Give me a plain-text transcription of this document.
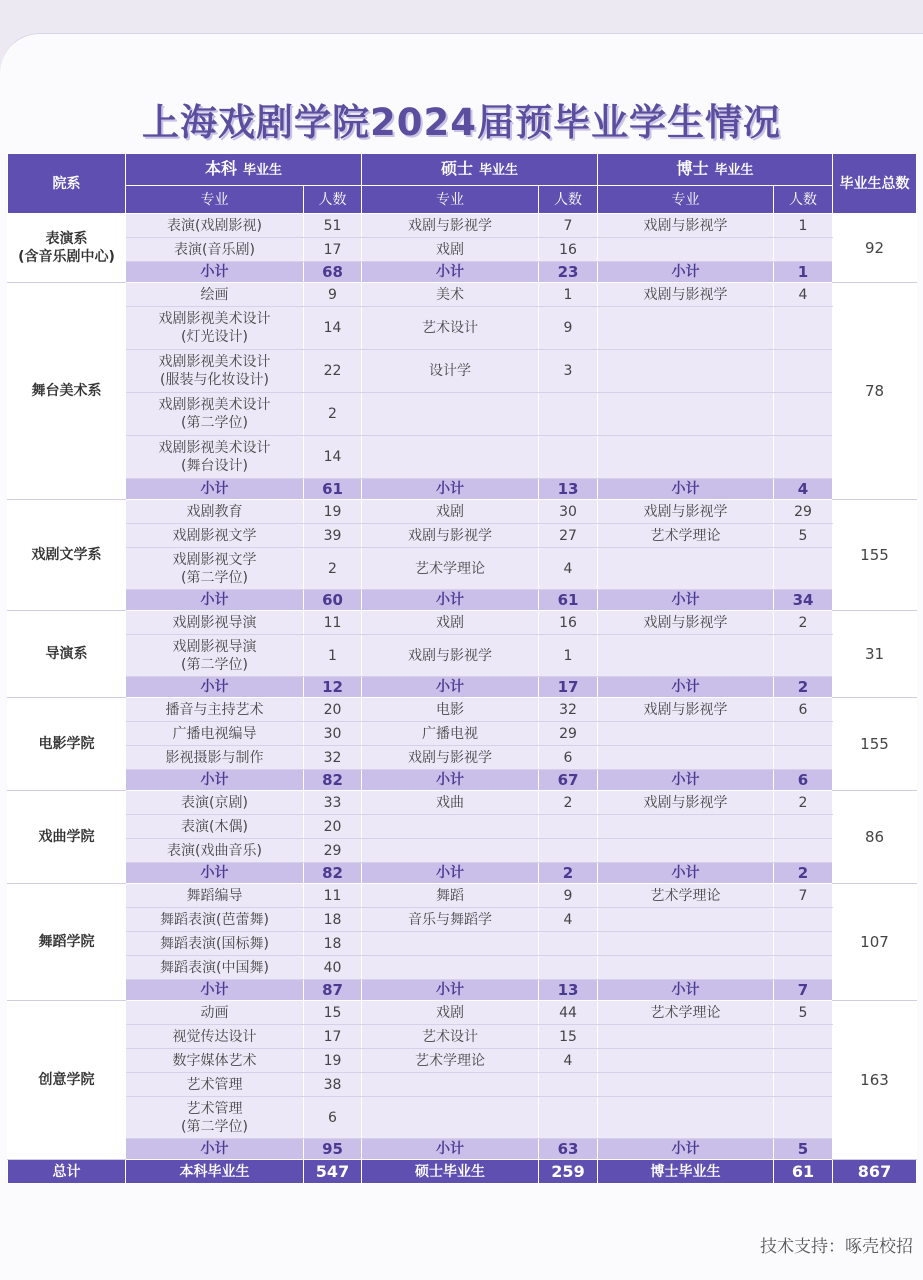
上海戏剧学院2024届预毕业学生情况
院系	本科 毕业生		硕士 毕业生		博士 毕业生		毕业生总数
	专业	人数	专业	人数	专业	人数	
表演系
(含音乐剧中心)	表演(戏剧影视)	51	戏剧与影视学	7	戏剧与影视学	1	92
	表演(音乐剧)	17	戏剧	16			
	小计	68	小计	23	小计	1	
舞台美术系	绘画	9	美术	1	戏剧与影视学	4	78
	戏剧影视美术设计
(灯光设计)	14	艺术设计	9			
	戏剧影视美术设计
(服装与化妆设计)	22	设计学	3			
	戏剧影视美术设计
(第二学位)	2					
	戏剧影视美术设计
(舞台设计)	14					
	小计	61	小计	13	小计	4	
戏剧文学系	戏剧教育	19	戏剧	30	戏剧与影视学	29	155
	戏剧影视文学	39	戏剧与影视学	27	艺术学理论	5	
	戏剧影视文学
(第二学位)	2	艺术学理论	4			
	小计	60	小计	61	小计	34	
导演系	戏剧影视导演	11	戏剧	16	戏剧与影视学	2	31
	戏剧影视导演
(第二学位)	1	戏剧与影视学	1			
	小计	12	小计	17	小计	2	
电影学院	播音与主持艺术	20	电影	32	戏剧与影视学	6	155
	广播电视编导	30	广播电视	29			
	影视摄影与制作	32	戏剧与影视学	6			
	小计	82	小计	67	小计	6	
戏曲学院	表演(京剧)	33	戏曲	2	戏剧与影视学	2	86
	表演(木偶)	20					
	表演(戏曲音乐)	29					
	小计	82	小计	2	小计	2	
舞蹈学院	舞蹈编导	11	舞蹈	9	艺术学理论	7	107
	舞蹈表演(芭蕾舞)	18	音乐与舞蹈学	4			
	舞蹈表演(国标舞)	18					
	舞蹈表演(中国舞)	40					
	小计	87	小计	13	小计	7	
创意学院	动画	15	戏剧	44	艺术学理论	5	163
	视觉传达设计	17	艺术设计	15			
	数字媒体艺术	19	艺术学理论	4			
	艺术管理	38					
	艺术管理
(第二学位)	6					
	小计	95	小计	63	小计	5	
总计	本科毕业生	547	硕士毕业生	259	博士毕业生	61	867
技术支持：啄壳校招
